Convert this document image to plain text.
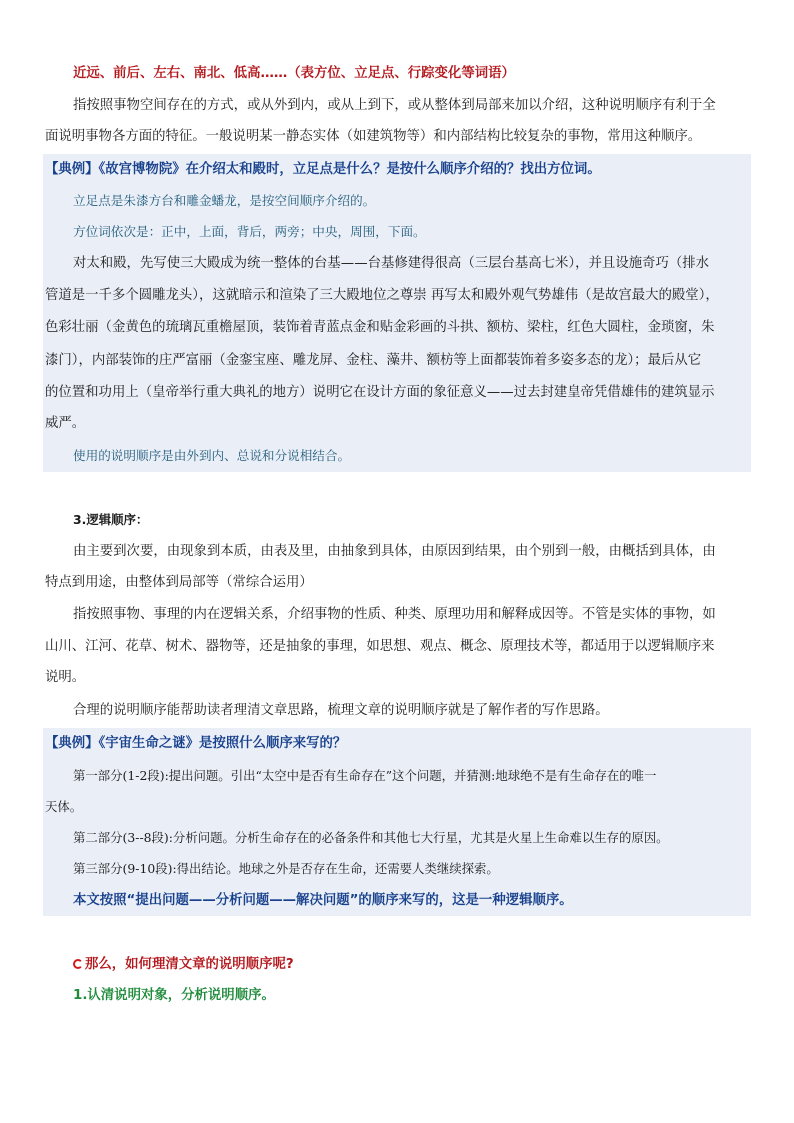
近远、前后、左右、南北、低高……（表方位、立足点、行踪变化等词语）
指按照事物空间存在的方式，或从外到内，或从上到下，或从整体到局部来加以介绍，这种说明顺序有利于全
面说明事物各方面的特征。一般说明某一静态实体（如建筑物等）和内部结构比较复杂的事物，常用这种顺序。
【典例】《故宫博物院》在介绍太和殿时，立足点是什么？是按什么顺序介绍的？找出方位词。
立足点是朱漆方台和雕金蟠龙，是按空间顺序介绍的。
方位词依次是：正中，上面，背后，两旁；中央，周围，下面。
对太和殿，先写使三大殿成为统一整体的台基——台基修建得很高（三层台基高七米），并且设施奇巧（排水
管道是一千多个圆雕龙头），这就暗示和渲染了三大殿地位之尊崇 再写太和殿外观气势雄伟（是故宫最大的殿堂），
色彩壮丽（金黄色的琉璃瓦重檐屋顶，装饰着青蓝点金和贴金彩画的斗拱、额枋、梁柱，红色大圆柱，金琐窗，朱
漆门），内部装饰的庄严富丽（金銮宝座、雕龙屏、金柱、藻井、额枋等上面都装饰着多姿多态的龙）；最后从它
的位置和功用上（皇帝举行重大典礼的地方）说明它在设计方面的象征意义——过去封建皇帝凭借雄伟的建筑显示
威严。
使用的说明顺序是由外到内、总说和分说相结合。
3.逻辑顺序：
由主要到次要，由现象到本质，由表及里，由抽象到具体，由原因到结果，由个别到一般，由概括到具体，由
特点到用途，由整体到局部等（常综合运用）
指按照事物、事理的内在逻辑关系，介绍事物的性质、种类、原理功用和解释成因等。不管是实体的事物，如
山川、江河、花草、树术、器物等，还是抽象的事理，如思想、观点、概念、原理技术等，都适用于以逻辑顺序来
说明。
合理的说明顺序能帮助读者理清文章思路，梳理文章的说明顺序就是了解作者的写作思路。
【典例】《宇宙生命之谜》是按照什么顺序来写的？
第一部分(1-2段):提出问题。引出“太空中是否有生命存在”这个问题，并猜测:地球绝不是有生命存在的唯一
天体。
第二部分(3--8段):分析问题。分析生命存在的必备条件和其他七大行星，尤其是火星上生命难以生存的原因。
第三部分(9-10段):得出结论。地球之外是否存在生命，还需要人类继续探索。
本文按照“提出问题——分析问题——解决问题”的顺序来写的，这是一种逻辑顺序。
那么，如何理清文章的说明顺序呢?
1.认清说明对象，分析说明顺序。
